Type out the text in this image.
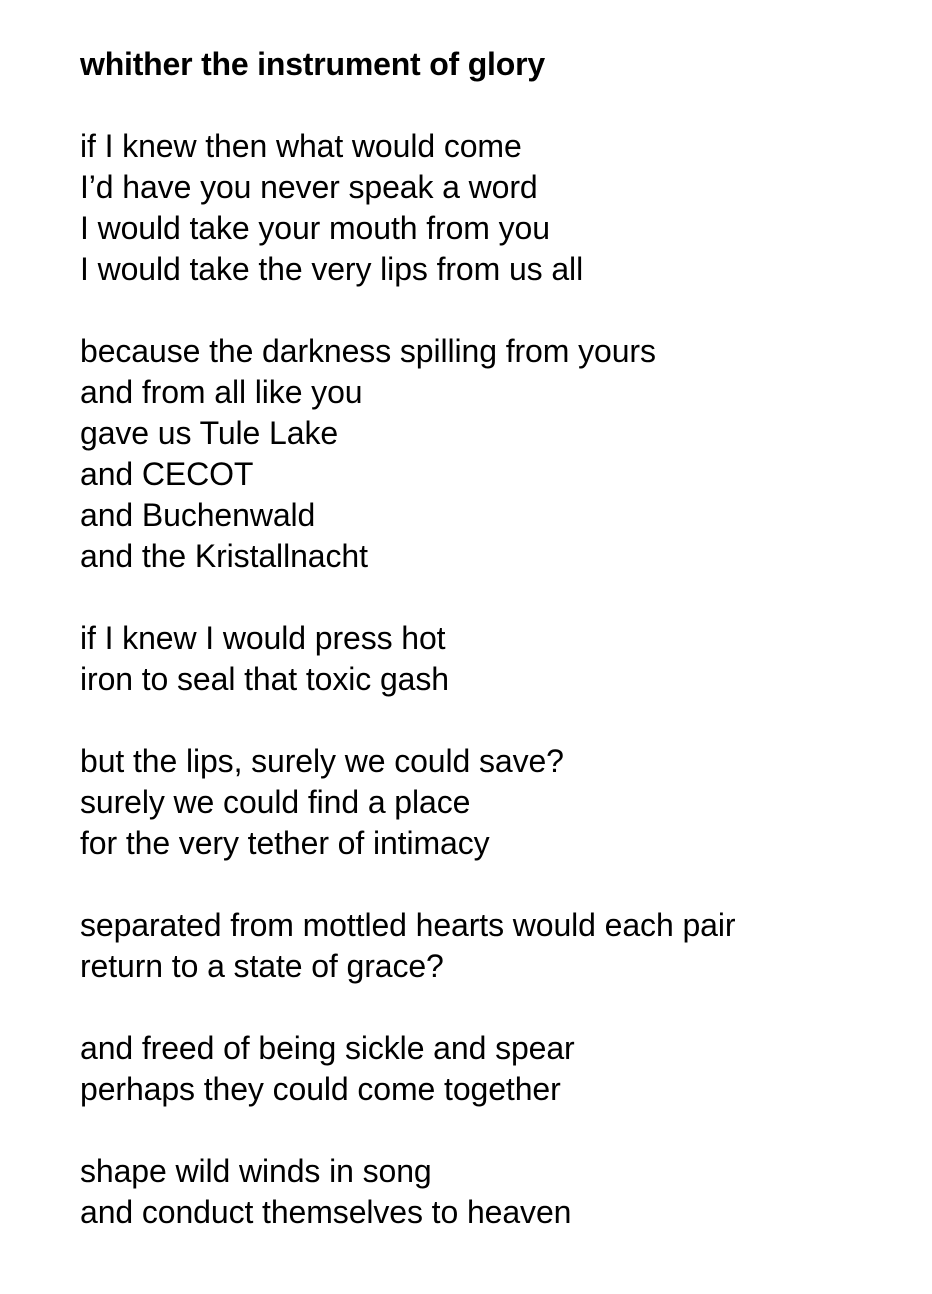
whither the instrument of glory
if I knew then what would come
I’d have you never speak a word
I would take your mouth from you
I would take the very lips from us all
because the darkness spilling from yours
and from all like you
gave us Tule Lake
and CECOT
and Buchenwald
and the Kristallnacht
if I knew I would press hot
iron to seal that toxic gash
but the lips, surely we could save?
surely we could find a place
for the very tether of intimacy
separated from mottled hearts would each pair
return to a state of grace?
and freed of being sickle and spear
perhaps they could come together
shape wild winds in song
and conduct themselves to heaven
